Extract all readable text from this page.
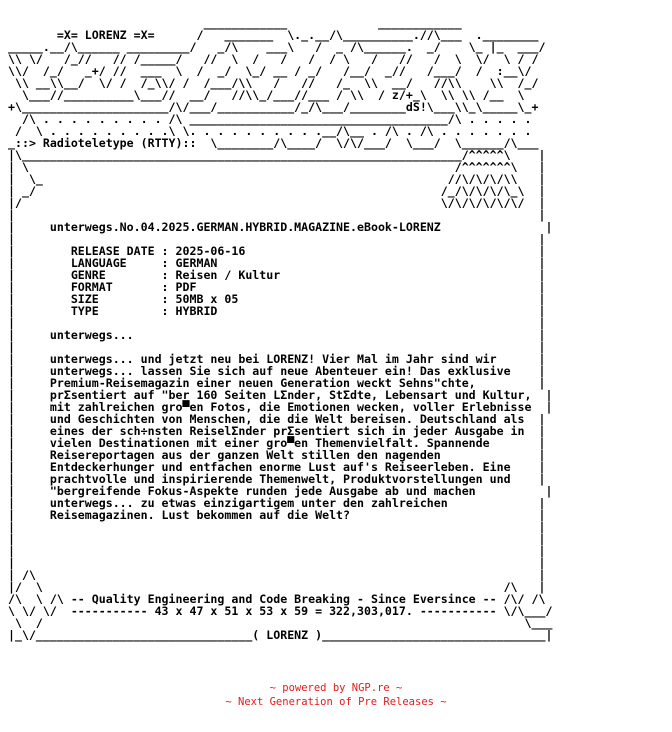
____________             ____________
=X= LORENZ =X=      /   _______  \._.__/\__________.//\___  .________
_____.__/\______ _________/   _/\    ___\   /  _ /\______.  _/    \_ |_  ___/
\\ \/   /_//   // /_____/   //  \  /   /   /  / \   /   //   /  \  \/  \ / /
\\/  /_/   _+/ //  ___  \  /  _/  \_/ __ / _/   /__/  _//   /___/  /  :__\/
\\ __\\__/  \/ /  /_\\/ /  /___/\\   /   //   /_  \\  __/   //\\    \\  /_/
\___//__________\___//  __/   //\\_/___//___ / \\  / z/+_\  \\ \\ /__  \
+\_____________________/\/___/___________/_/\___/________dS!\___\\_\_____\_+
/\ . . . . . . . . . /\ _____________________________________/\ . . . . .
/  \ . . . . . . . . .\ \. . . . . . . . . .__/\__ . /\ . /\ . . . . . . .
_::> Radioteletype (RTTY)::  \________/\____/  \/\/___/  \___/  \______/\___
|\_______________________________________________________________/^^^^^\    |
| \                                                             /^^^^^^^\   |
|  \_                                                          //\/\/\/\\   |
| _/                                                          /_/\/\/\/\_\  |
|/                                                            \/\/\/\/\/\/  |
|                                                                           |
|     unterwegs.No.04.2025.GERMAN.HYBRID.MAGAZINE.eBook-LORENZ               |
|                                                                           |
|        RELEASE DATE : 2025-06-16                                          |
|        LANGUAGE     : GERMAN                                              |
|        GENRE        : Reisen / Kultur                                     |
|        FORMAT       : PDF                                                 |
|        SIZE         : 50MB x 05                                           |
|        TYPE         : HYBRID                                              |
|                                                                           |
|     unterwegs...                                                          |
|                                                                           |
|     unterwegs... und jetzt neu bei LORENZ! Vier Mal im Jahr sind wir      |
|     unterwegs... lassen Sie sich auf neue Abenteuer ein! Das exklusive    |
|     Premium-Reisemagazin einer neuen Generation weckt Sehns"chte,         |
|     prΣsentiert auf "ber 160 Seiten LΣnder, StΣdte, Lebensart und Kultur,  |
|     mit zahlreichen gro▀en Fotos, die Emotionen wecken, voller Erlebnisse  |
|     und Geschichten von Menschen, die die Welt bereisen. Deutschland als  |
|     eines der sch÷nsten ReiselΣnder prΣsentiert sich in jeder Ausgabe in  |
|     vielen Destinationen mit einer gro▀en Themenvielfalt. Spannende       |
|     Reisereportagen aus der ganzen Welt stillen den nagenden              |
|     Entdeckerhunger und entfachen enorme Lust auf's Reiseerleben. Eine    |
|     prachtvolle und inspirierende Themenwelt, Produktvorstellungen und    |
|     "bergreifende Fokus-Aspekte runden jede Ausgabe ab und machen          |
|     unterwegs... zu etwas einzigartigem unter den zahlreichen             |
|     Reisemagazinen. Lust bekommen auf die Welt?                           |
|                                                                           |
|                                                                           |
|                                                                           |
|                                                                           |
| /\                                                                        |
|/  \                                                                  /\   |
/\  \ /\ -- Quality Engineering and Code Breaking - Since Eversince -- /\/ /\
\ \/ \/  ----------- 43 x 47 x 51 x 53 x 59 = 322,303,017. ----------- \/\___/
\  /                                                                     \___
|_\/_______________________________( LORENZ )________________________________|
~ powered by NGP.re ~
~ Next Generation of Pre Releases ~
